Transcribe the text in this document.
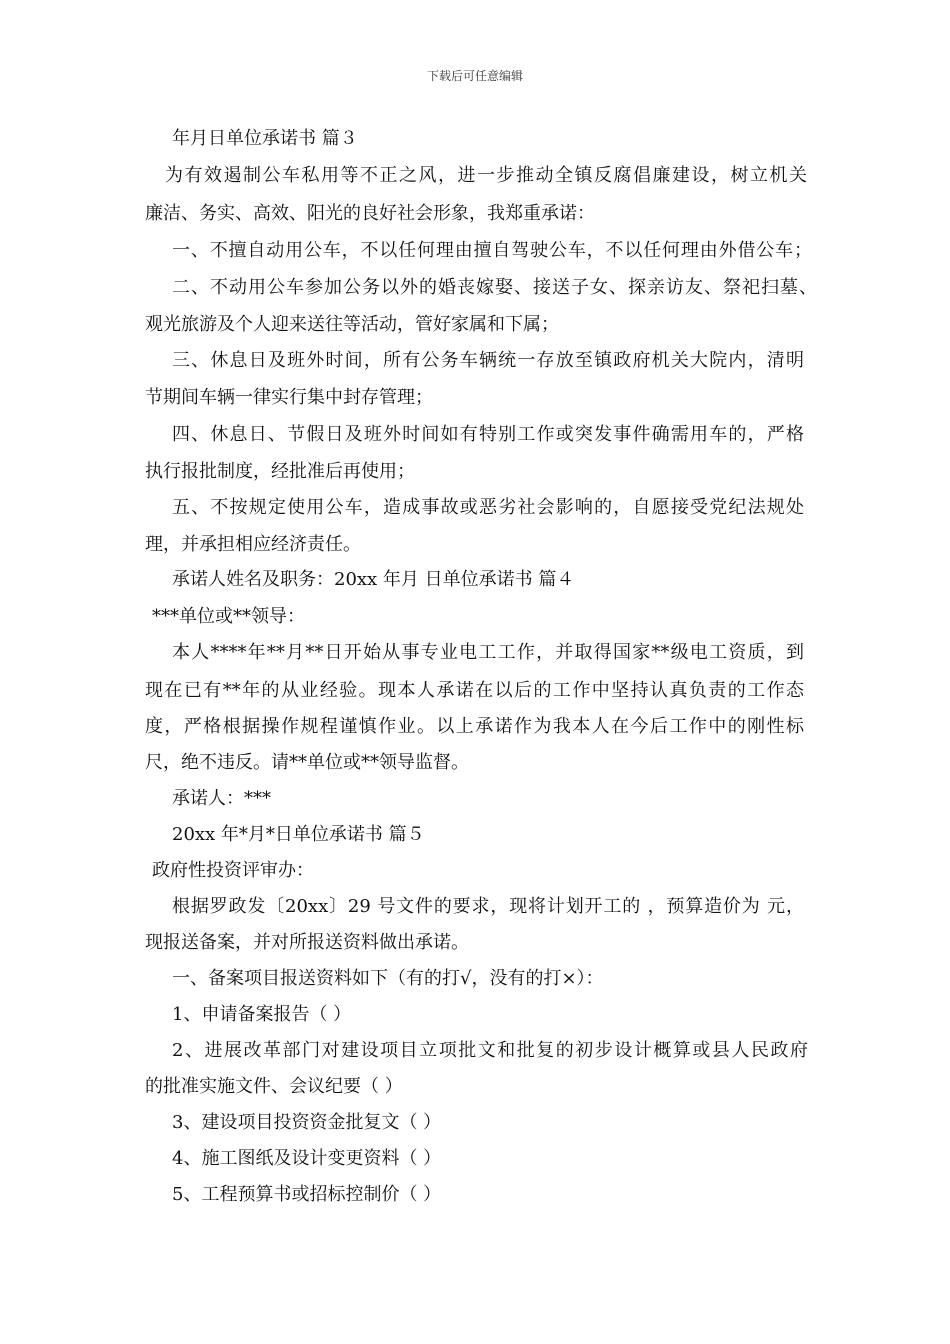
下载后可任意编辑
年月日单位承诺书 篇３
为有效遏制公车私用等不正之风，进一步推动全镇反腐倡廉建设，树立机关
廉洁、务实、高效、阳光的良好社会形象，我郑重承诺：
一、不擅自动用公车，不以任何理由擅自驾驶公车，不以任何理由外借公车；
二、不动用公车参加公务以外的婚丧嫁娶、接送子女、探亲访友、祭祀扫墓、
观光旅游及个人迎来送往等活动，管好家属和下属；
三、休息日及班外时间，所有公务车辆统一存放至镇政府机关大院内，清明
节期间车辆一律实行集中封存管理；
四、休息日、节假日及班外时间如有特别工作或突发事件确需用车的，严格
执行报批制度，经批准后再使用；
五、不按规定使用公车，造成事故或恶劣社会影响的，自愿接受党纪法规处
理，并承担相应经济责任。
承诺人姓名及职务：20xx 年月 日单位承诺书 篇４
***单位或**领导：
本人****年**月**日开始从事专业电工工作，并取得国家**级电工资质，到
现在已有**年的从业经验。现本人承诺在以后的工作中坚持认真负责的工作态
度，严格根据操作规程谨慎作业。以上承诺作为我本人在今后工作中的刚性标
尺，绝不违反。请**单位或**领导监督。
承诺人：***
20xx 年*月*日单位承诺书 篇５
政府性投资评审办：
根据罗政发〔20xx〕29 号文件的要求，现将计划开工的 ，预算造价为 元，
现报送备案，并对所报送资料做出承诺。
一、备案项目报送资料如下（有的打√，没有的打×）：
1、申请备案报告（ ）
2、进展改革部门对建设项目立项批文和批复的初步设计概算或县人民政府
的批准实施文件、会议纪要（ ）
3、建设项目投资资金批复文（ ）
4、施工图纸及设计变更资料（ ）
5、工程预算书或招标控制价（ ）
